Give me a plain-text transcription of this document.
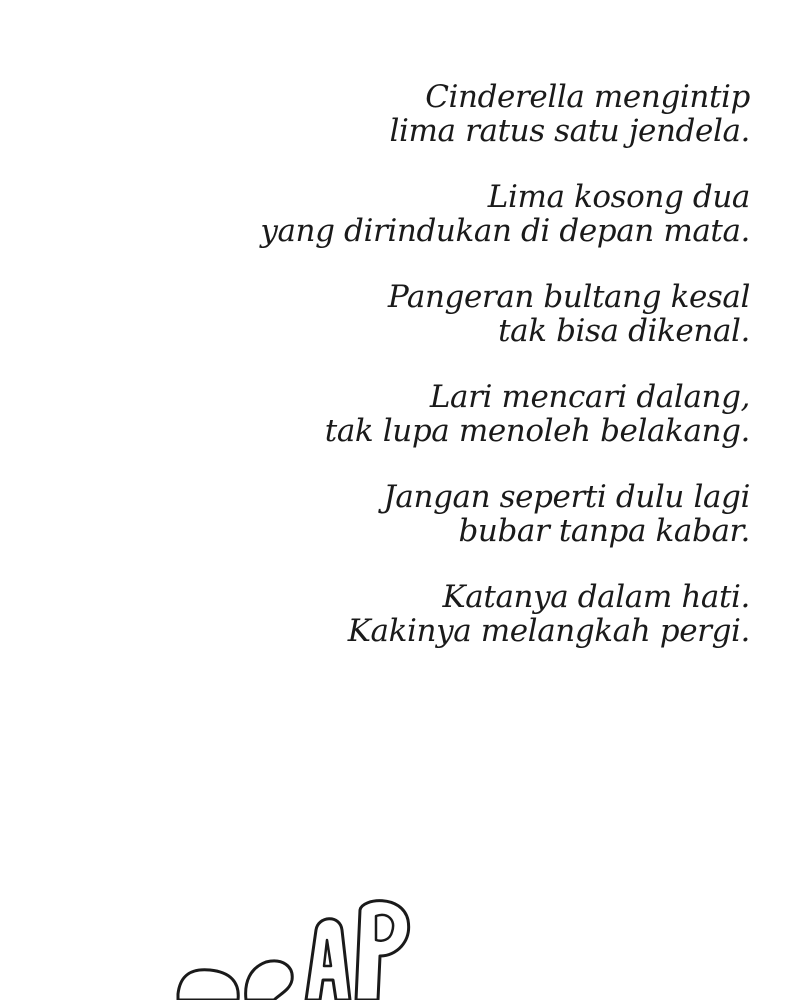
Cinderella mengintip
lima ratus satu jendela.
Lima kosong dua
yang dirindukan di depan mata.
Pangeran bultang kesal
tak bisa dikenal.
Lari mencari dalang,
tak lupa menoleh belakang.
Jangan seperti dulu lagi
bubar tanpa kabar.
Katanya dalam hati.
Kakinya melangkah pergi.
